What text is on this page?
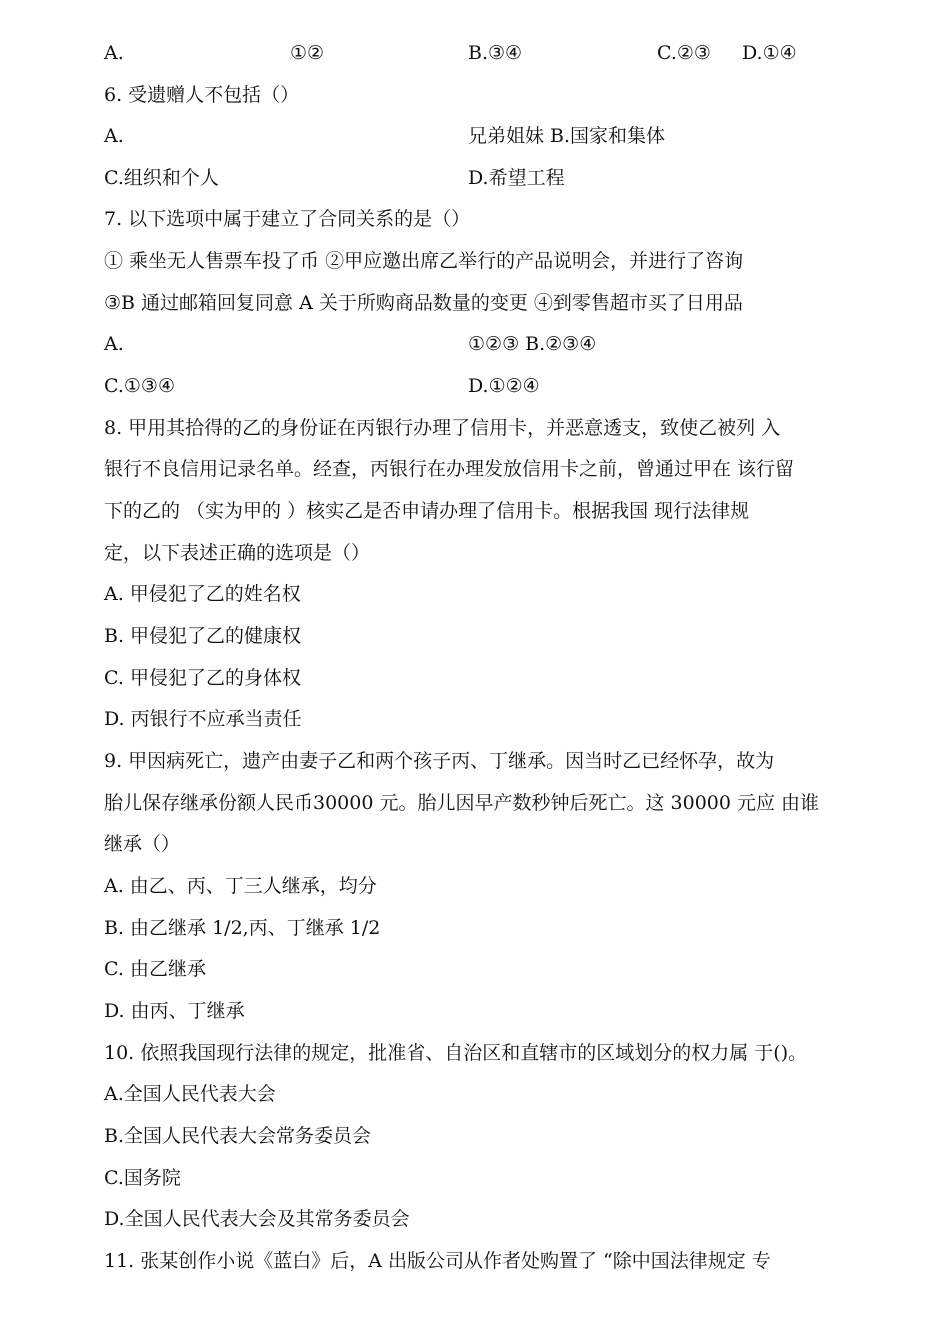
A.	①②	B.③④	C.②③ D.①④
6. 受遗赠人不包括（）
A.	兄弟姐妹 B.国家和集体
C.组织和个人	D.希望工程
7. 以下选项中属于建立了合同关系的是（）
① 乘坐无人售票车投了币 ②甲应邀出席乙举行的产品说明会，并进行了咨询
③B 通过邮箱回复同意 A 关于所购商品数量的变更 ④到零售超市买了日用品
A.	①②③ B.②③④
C.①③④	D.①②④
8. 甲用其拾得的乙的身份证在丙银行办理了信用卡，并恶意透支，致使乙被列 入
银行不良信用记录名单。经查，丙银行在办理发放信用卡之前，曾通过甲在 该行留
下的乙的 （实为甲的 ）核实乙是否申请办理了信用卡。根据我国 现行法律规
定，以下表述正确的选项是（）
A. 甲侵犯了乙的姓名权
B. 甲侵犯了乙的健康权
C. 甲侵犯了乙的身体权
D. 丙银行不应承当责任
9. 甲因病死亡，遗产由妻子乙和两个孩子丙、丁继承。因当时乙已经怀孕，故为
胎儿保存继承份额人民币30000 元。胎儿因早产数秒钟后死亡。这 30000 元应 由谁
继承（）
A. 由乙、丙、丁三人继承，均分
B. 由乙继承 1/2,丙、丁继承 1/2
C. 由乙继承
D. 由丙、丁继承
10. 依照我国现行法律的规定，批准省、自治区和直辖市的区域划分的权力属 于()。
A.全国人民代表大会
B.全国人民代表大会常务委员会
C.国务院
D.全国人民代表大会及其常务委员会
11. 张某创作小说《蓝白》后，A 出版公司从作者处购置了 “除中国法律规定 专
